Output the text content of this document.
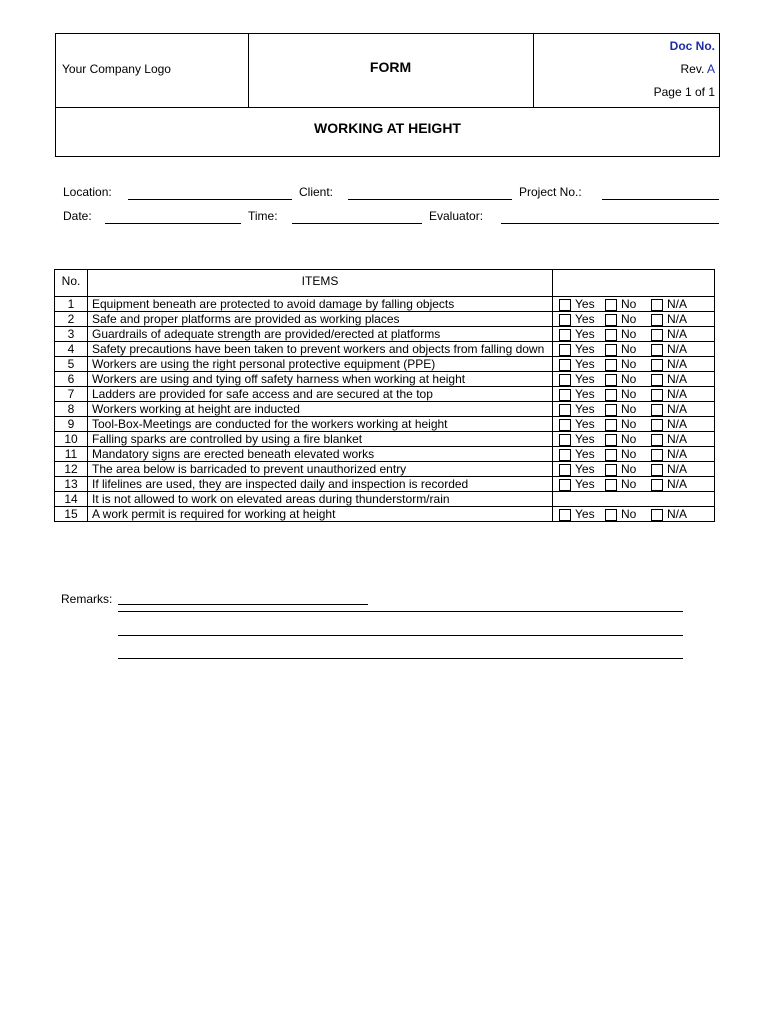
Your Company Logo	FORM
Doc No.
Rev. A
Page 1 of 1
WORKING AT HEIGHT
Location:	Client:	Project No.:
Date:	Time:	Evaluator:
No.	ITEMS	
1	Equipment beneath are protected to avoid damage by falling objects	Yes No N/A

2	Safe and proper platforms are provided as working places	Yes No N/A

3	Guardrails of adequate strength are provided/erected at platforms	Yes No N/A

4	Safety precautions have been taken to prevent workers and objects from falling down	Yes No N/A

5	Workers are using the right personal protective equipment (PPE)	Yes No N/A

6	Workers are using and tying off safety harness when working at height	Yes No N/A

7	Ladders are provided for safe access and are secured at the top	Yes No N/A

8	Workers working at height are inducted	Yes No N/A

9	Tool-Box-Meetings are conducted for the workers working at height	Yes No N/A

10	Falling sparks are controlled by using a fire blanket	Yes No N/A

11	Mandatory signs are erected beneath elevated works	Yes No N/A

12	The area below is barricaded to prevent unauthorized entry	Yes No N/A

13	If lifelines are used, they are inspected daily and inspection is recorded	Yes No N/A

14	It is not allowed to work on elevated areas during thunderstorm/rain	
15	A work permit is required for working at height	Yes No N/A
Remarks:
